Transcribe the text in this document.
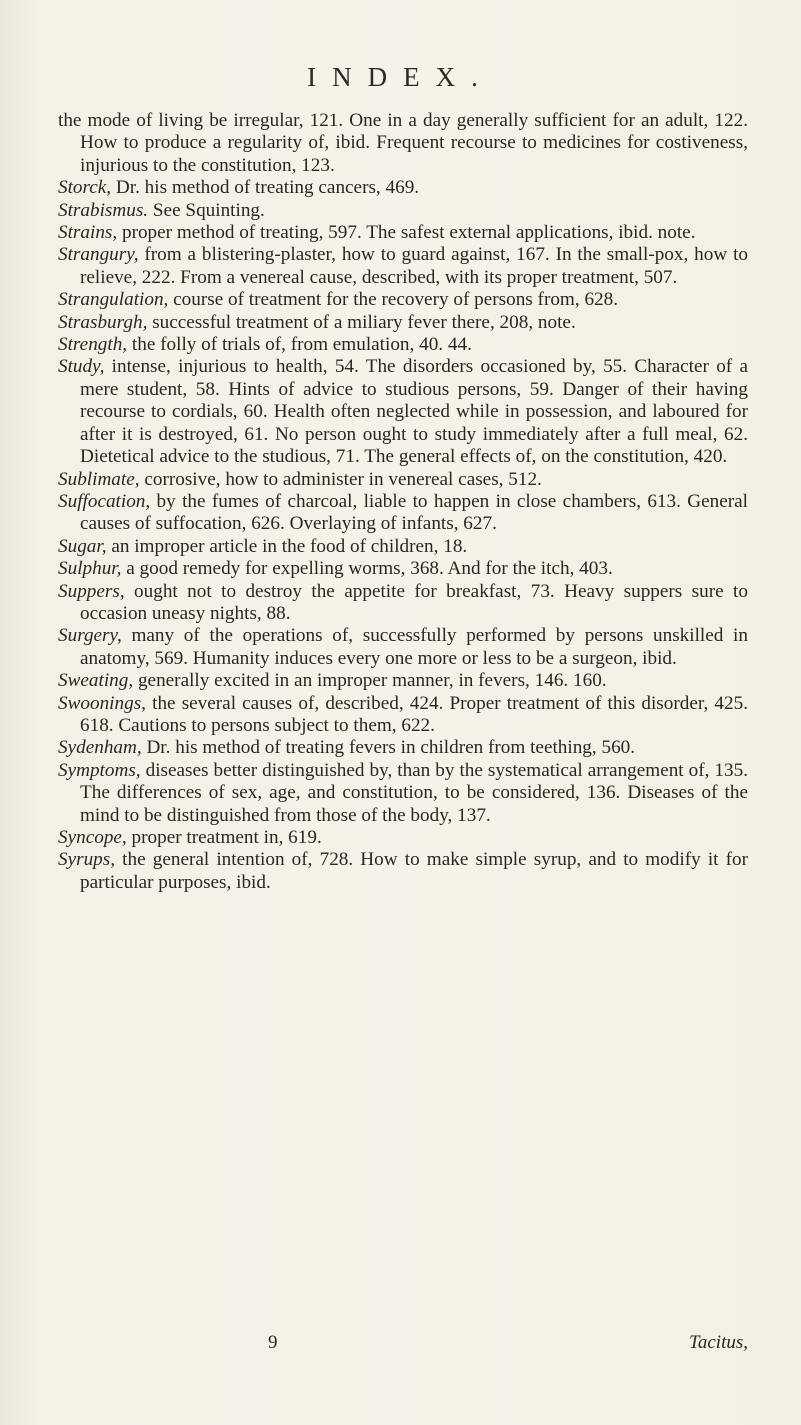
INDEX.

the mode of living be irregular, 121. One in a day generally sufficient for an adult, 122. How to produce a regularity of, ibid. Frequent recourse to medicines for costiveness, injurious to the constitution, 123.

Storck, Dr. his method of treating cancers, 469.

Strabismus. See Squinting.

Strains, proper method of treating, 597. The safest external applications, ibid. note.

Strangury, from a blistering-plaster, how to guard against, 167. In the small-pox, how to relieve, 222. From a venereal cause, described, with its proper treatment, 507.

Strangulation, course of treatment for the recovery of persons from, 628.

Strasburgh, successful treatment of a miliary fever there, 208, note.

Strength, the folly of trials of, from emulation, 40. 44.

Study, intense, injurious to health, 54. The disorders occasioned by, 55. Character of a mere student, 58. Hints of advice to studious persons, 59. Danger of their having recourse to cordials, 60. Health often neglected while in possession, and laboured for after it is destroyed, 61. No person ought to study immediately after a full meal, 62. Dietetical advice to the studious, 71. The general effects of, on the constitution, 420.

Sublimate, corrosive, how to administer in venereal cases, 512.

Suffocation, by the fumes of charcoal, liable to happen in close chambers, 613. General causes of suffocation, 626. Overlaying of infants, 627.

Sugar, an improper article in the food of children, 18.

Sulphur, a good remedy for expelling worms, 368. And for the itch, 403.

Suppers, ought not to destroy the appetite for breakfast, 73. Heavy suppers sure to occasion uneasy nights, 88.

Surgery, many of the operations of, successfully performed by persons unskilled in anatomy, 569. Humanity induces every one more or less to be a surgeon, ibid.

Sweating, generally excited in an improper manner, in fevers, 146. 160.

Swoonings, the several causes of, described, 424. Proper treatment of this disorder, 425. 618. Cautions to persons subject to them, 622.

Sydenham, Dr. his method of treating fevers in children from teething, 560.

Symptoms, diseases better distinguished by, than by the systematical arrangement of, 135. The differences of sex, age, and constitution, to be considered, 136. Diseases of the mind to be distinguished from those of the body, 137.

Syncope, proper treatment in, 619.

Syrups, the general intention of, 728. How to make simple syrup, and to modify it for particular purposes, ibid.

9	Tacitus,
